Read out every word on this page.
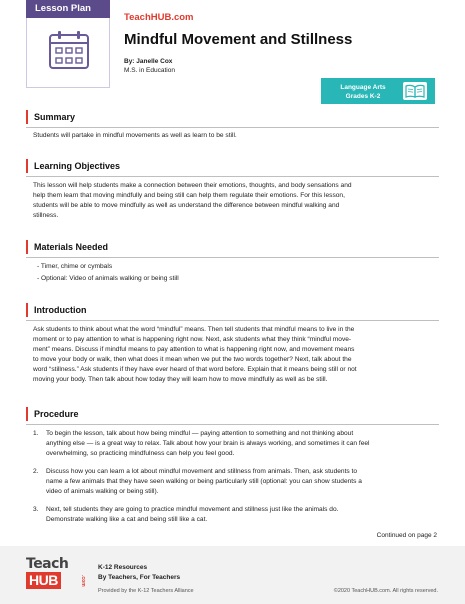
Lesson Plan
TeachHUB.com
Mindful Movement and Stillness
By: Janelle Cox
M.S. in Education
Language Arts
Grades K-2
Summary
Students will partake in mindful movements as well as learn to be still.
Learning Objectives
This lesson will help students make a connection between their emotions, thoughts, and body sensations and
help them learn that moving mindfully and being still can help them regulate their emotions. For this lesson,
students will be able to move mindfully as well as understand the difference between mindful walking and
stillness.
Materials Needed
- Timer, chime or cymbals
- Optional: Video of animals walking or being still
Introduction
Ask students to think about what the word “mindful” means. Then tell students that mindful means to live in the
moment or to pay attention to what is happening right now. Next, ask students what they think “mindful move-
ment” means. Discuss if mindful means to pay attention to what is happening right now, and movement means
to move your body or walk, then what does it mean when we put the two words together? Next, talk about the
word “stillness.” Ask students if they have ever heard of that word before. Explain that it means being still or not
moving your body. Then talk about how today they will learn how to move mindfully as well as be still.
Procedure
1. To begin the lesson, talk about how being mindful — paying attention to something and not thinking about
anything else — is a great way to relax. Talk about how your brain is always working, and sometimes it can feel
overwhelming, so practicing mindfulness can help you feel good.
2. Discuss how you can learn a lot about mindful movement and stillness from animals. Then, ask students to
name a few animals that they have seen walking or being particularly still (optional: you can show students a
video of animals walking or being still).
3. Next, tell students they are going to practice mindful movement and stillness just like the animals do.
Demonstrate walking like a cat and being still like a cat.
Continued on page 2
Teach
HUB	.com
K-12 Resources
By Teachers, For Teachers
Provided by the K-12 Teachers Alliance	©2020 TeachHUB.com. All rights reserved.
